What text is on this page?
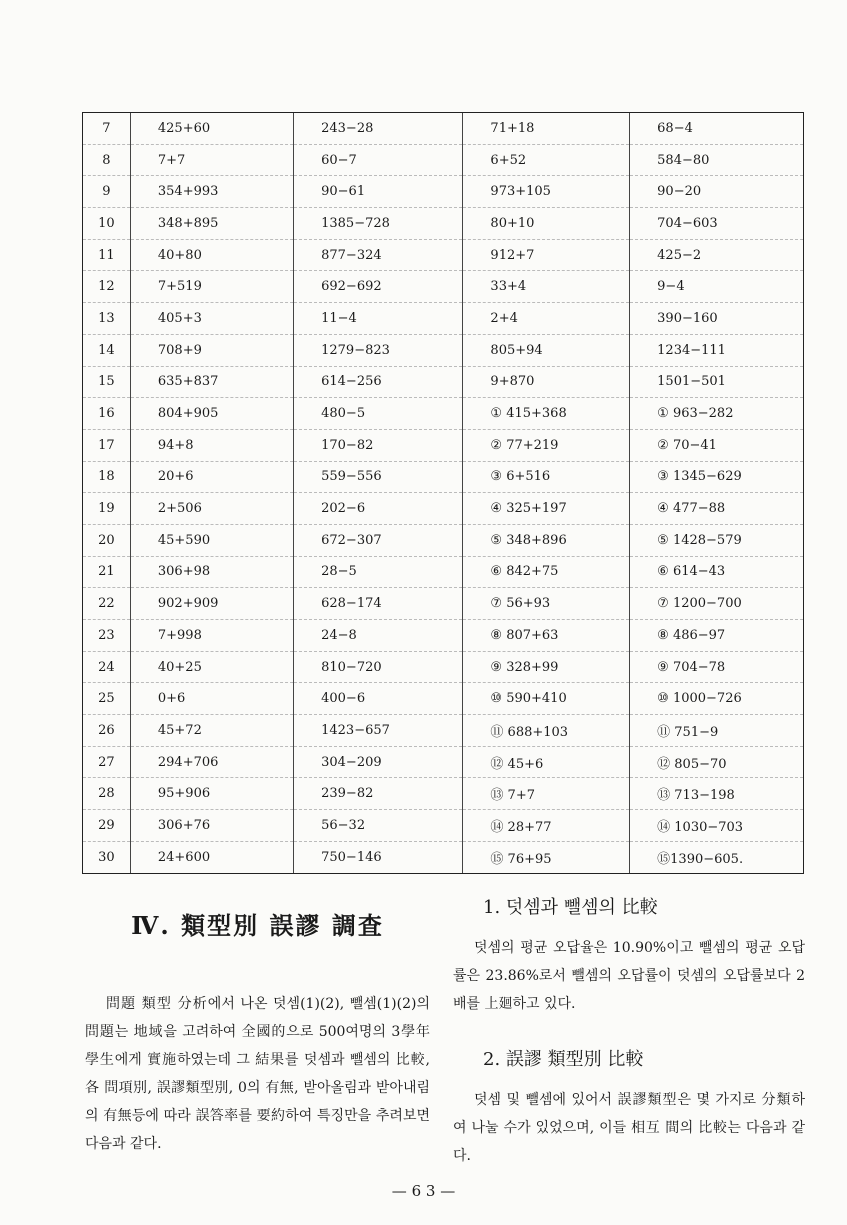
7	425+60	243−28	71+18	68−4
8	7+7	60−7	6+52	584−80
9	354+993	90−61	973+105	90−20
10	348+895	1385−728	80+10	704−603
11	40+80	877−324	912+7	425−2
12	7+519	692−692	33+4	9−4
13	405+3	11−4	2+4	390−160
14	708+9	1279−823	805+94	1234−111
15	635+837	614−256	9+870	1501−501
16	804+905	480−5	① 415+368	① 963−282
17	94+8	170−82	② 77+219	② 70−41
18	20+6	559−556	③ 6+516	③ 1345−629
19	2+506	202−6	④ 325+197	④ 477−88
20	45+590	672−307	⑤ 348+896	⑤ 1428−579
21	306+98	28−5	⑥ 842+75	⑥ 614−43
22	902+909	628−174	⑦ 56+93	⑦ 1200−700
23	7+998	24−8	⑧ 807+63	⑧ 486−97
24	40+25	810−720	⑨ 328+99	⑨ 704−78
25	0+6	400−6	⑩ 590+410	⑩ 1000−726
26	45+72	1423−657	⑪ 688+103	⑪ 751−9
27	294+706	304−209	⑫ 45+6	⑫ 805−70
28	95+906	239−82	⑬ 7+7	⑬ 713−198
29	306+76	56−32	⑭ 28+77	⑭ 1030−703
30	24+600	750−146	⑮ 76+95	⑮1390−605.
Ⅳ. 類型別 誤謬 調査

問題 類型 分析에서 나온 덧셈(1)(2), 뺄셈(1)(2)의 問題는 地域을 고려하여 全國的으로 500여명의 3學年 學生에게 實施하였는데 그 結果를 덧셈과 뺄셈의 比較, 各 問項別, 誤謬類型別, 0의 有無, 받아올림과 받아내림의 有無등에 따라 誤答率를 要約하여 특징만을 추려보면 다음과 같다.

1. 덧셈과 뺄셈의 比較

덧셈의 평균 오답율은 10.90%이고 뺄셈의 평균 오답률은 23.86%로서 뺄셈의 오답률이 덧셈의 오답률보다 2배를 上廻하고 있다.

2. 誤謬 類型別 比較

덧셈 및 뺄셈에 있어서 誤謬類型은 몇 가지로 分類하여 나눌 수가 있었으며, 이들 相互 間의 比較는 다음과 같다.

— 6 3 —
